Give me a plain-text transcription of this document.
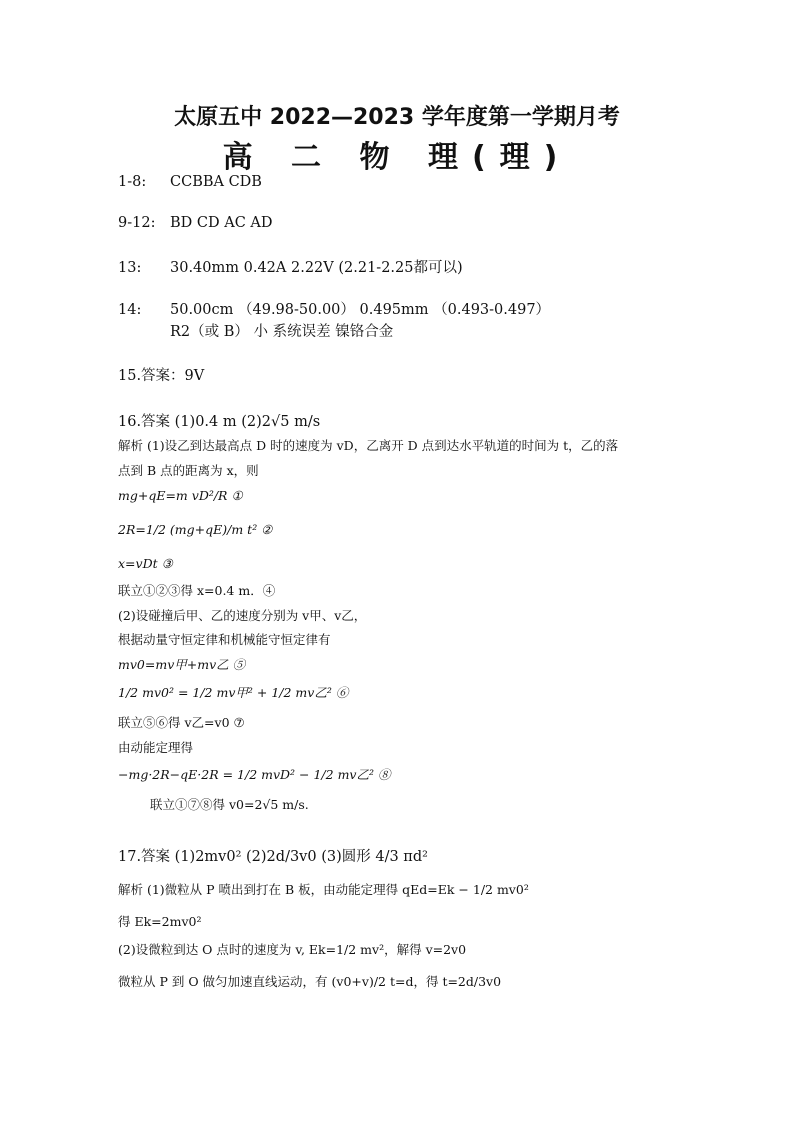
太原五中 2022—2023 学年度第一学期月考
高 二 物 理(理)
1-8: CCBBA CDB
9-12: BD CD AC AD
13: 30.40mm 0.42A 2.22V (2.21-2.25都可以)
14: 50.00cm （49.98-50.00） 0.495mm （0.493-0.497）
R2（或 B） 小 系统误差 镍铬合金
15.答案：9V
16.答案 (1)0.4 m (2)2√5 m/s
解析 (1)设乙到达最高点 D 时的速度为 vD，乙离开 D 点到达水平轨道的时间为 t，乙的落
点到 B 点的距离为 x，则
mg+qE=m vD²/R ①
2R=1/2 (mg+qE)/m t² ②
x=vDt ③
联立①②③得 x=0.4 m．④
(2)设碰撞后甲、乙的速度分别为 v甲、v乙，
根据动量守恒定律和机械能守恒定律有
mv0=mv甲+mv乙 ⑤
1/2 mv0² = 1/2 mv甲² + 1/2 mv乙² ⑥
联立⑤⑥得 v乙=v0 ⑦
由动能定理得
−mg·2R−qE·2R = 1/2 mvD² − 1/2 mv乙² ⑧
联立①⑦⑧得 v0=2√5 m/s.
17.答案 (1)2mv0² (2)2d/3v0 (3)圆形 4/3 πd²
解析 (1)微粒从 P 喷出到打在 B 板，由动能定理得 qEd=Ek − 1/2 mv0²
得 Ek=2mv0²
(2)设微粒到达 O 点时的速度为 v, Ek=1/2 mv²，解得 v=2v0
微粒从 P 到 O 做匀加速直线运动，有 (v0+v)/2 t=d，得 t=2d/3v0
